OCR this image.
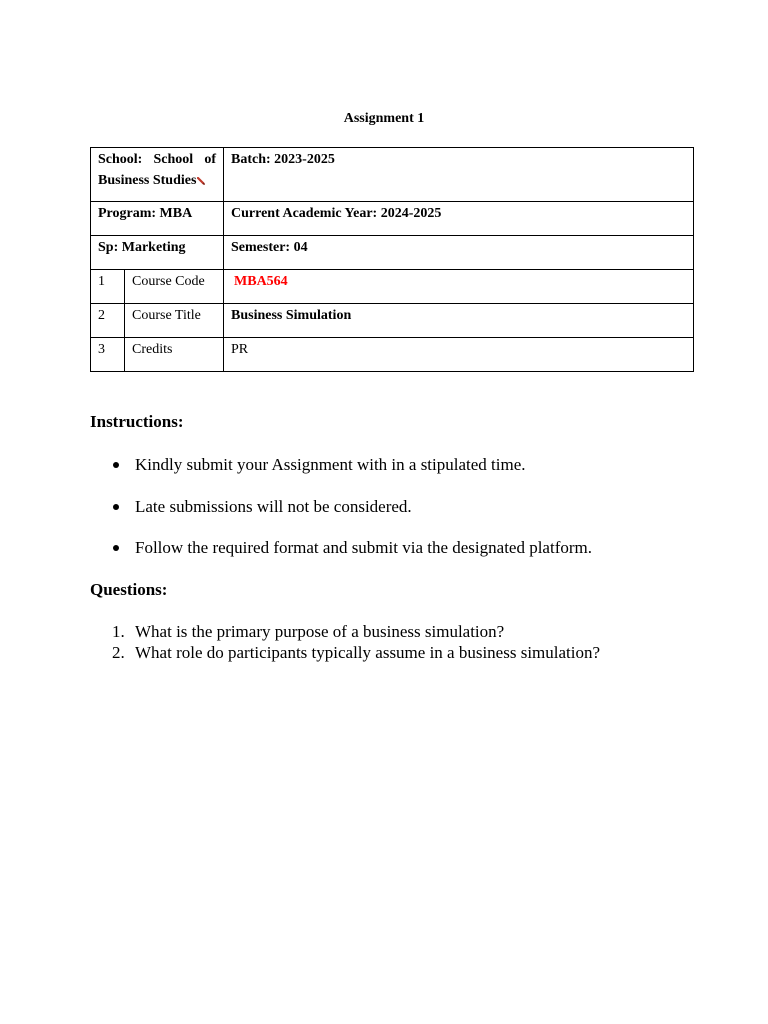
Assignment 1
School: School of Business Studies		Batch: 2023-2025
Program: MBA		Current Academic Year: 2024-2025
Sp: Marketing		Semester: 04
1	Course Code	MBA564
2	Course Title	Business Simulation
3	Credits	PR
Instructions:
Kindly submit your Assignment with in a stipulated time.
Late submissions will not be considered.
Follow the required format and submit via the designated platform.
Questions:
1. What is the primary purpose of a business simulation?
2. What role do participants typically assume in a business simulation?
